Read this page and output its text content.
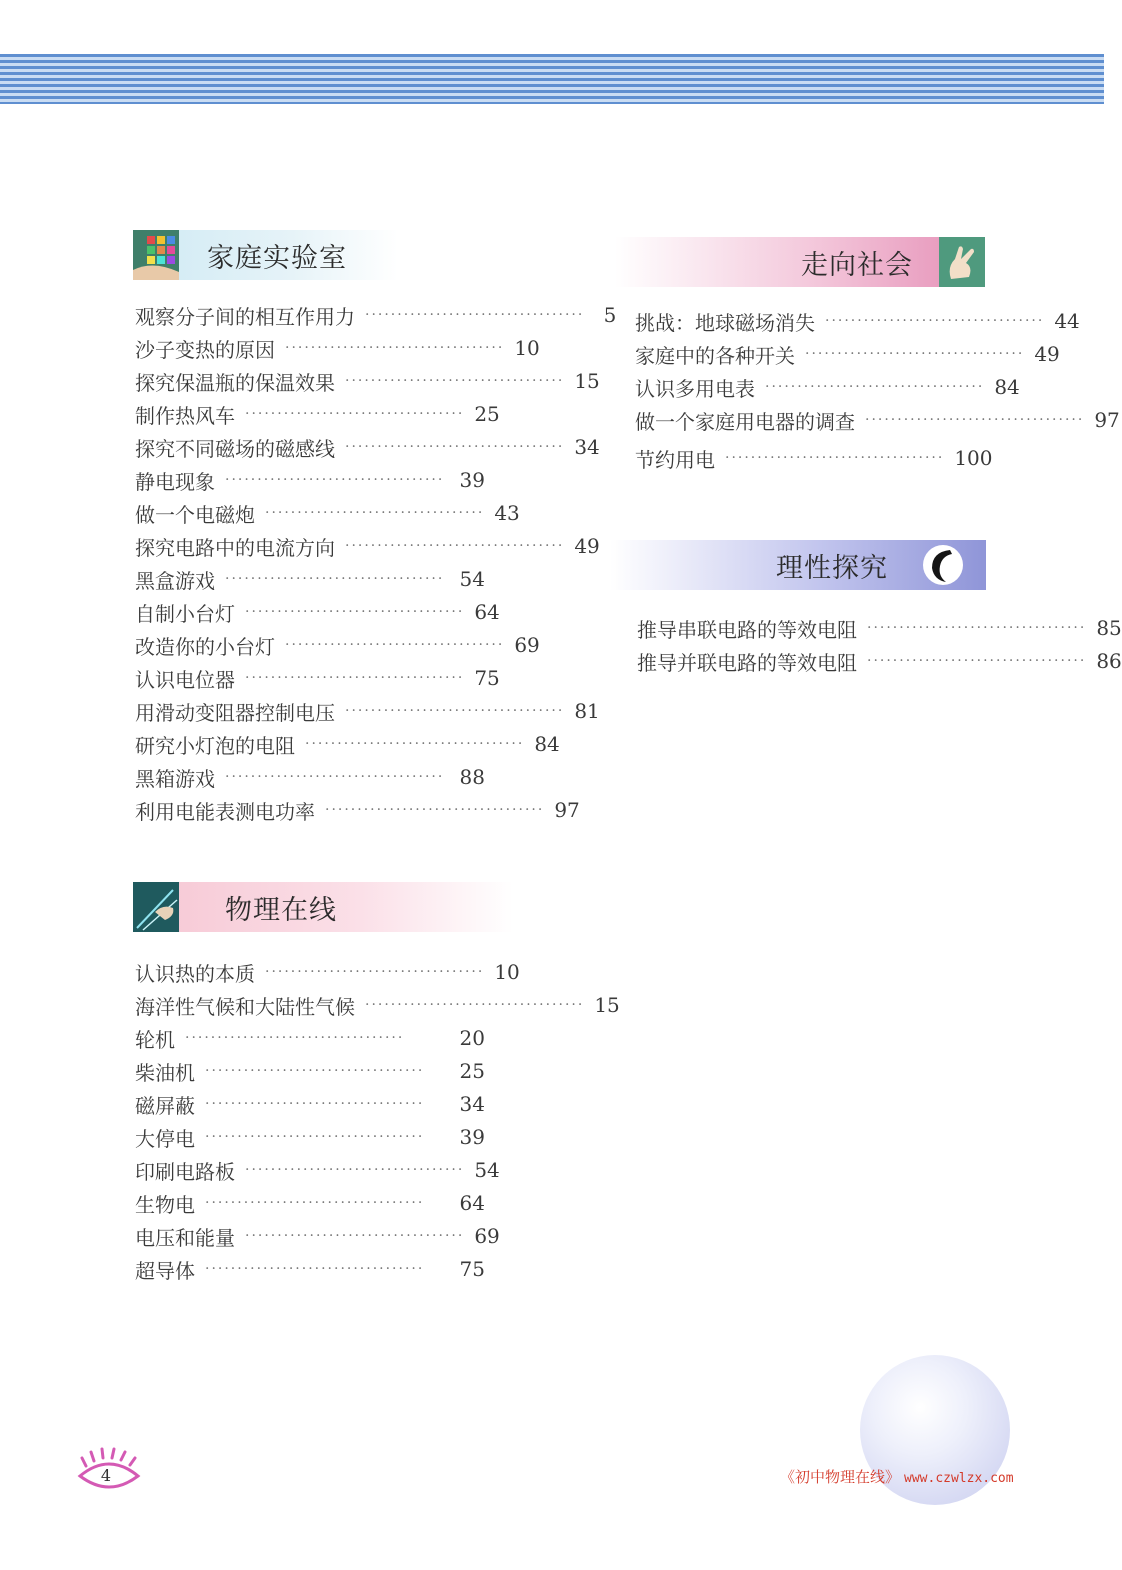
家庭实验室
观察分子间的相互作用力 ·································· 5
沙子变热的原因 ·································· 10
探究保温瓶的保温效果 ·································· 15
制作热风车 ·································· 25
探究不同磁场的磁感线 ·································· 34
静电现象 ·································· 39
做一个电磁炮 ·································· 43
探究电路中的电流方向 ·································· 49
黑盒游戏 ·································· 54
自制小台灯 ·································· 64
改造你的小台灯 ·································· 69
认识电位器 ·································· 75
用滑动变阻器控制电压 ·································· 81
研究小灯泡的电阻 ·································· 84
黑箱游戏 ·································· 88
利用电能表测电功率 ·································· 97
物理在线
认识热的本质 ·································· 10
海洋性气候和大陆性气候 ·································· 15
轮机 ··································	20
柴油机 ··································	25
磁屏蔽 ··································	34
大停电 ··································	39
印刷电路板 ·································· 54
生物电 ··································	64
电压和能量 ·································· 69
超导体 ··································	75
走向社会
挑战：地球磁场消失 ·································· 44
家庭中的各种开关 ·································· 49
认识多用电表 ·································· 84
做一个家庭用电器的调查 ·································· 97
节约用电 ·································· 100
理性探究
推导串联电路的等效电阻 ·································· 85
推导并联电路的等效电阻 ·································· 86
4	《初中物理在线》 www.czwlzx.com
